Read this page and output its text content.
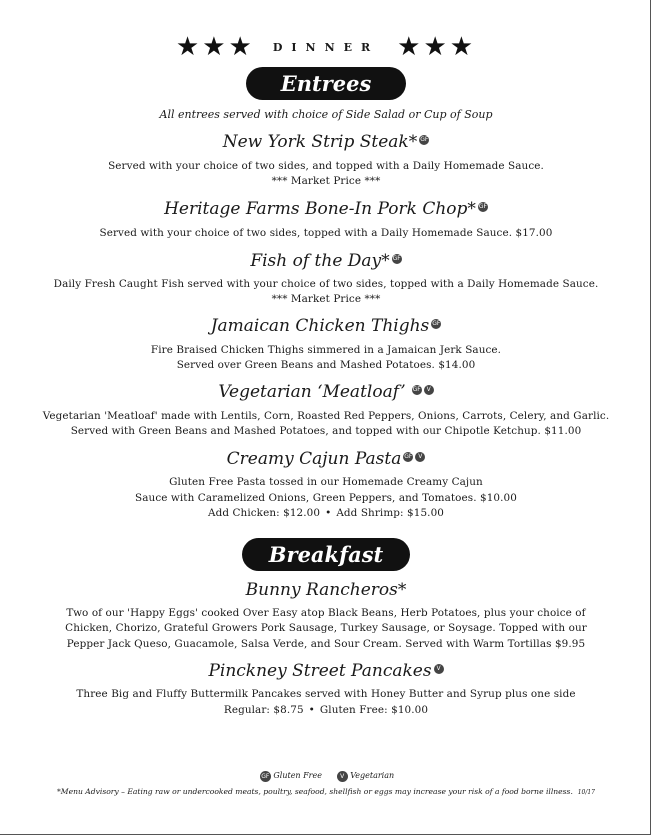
★★★ DINNER ★★★
Entrees
All entrees served with choice of Side Salad or Cup of Soup
New York Strip Steak* GF
Served with your choice of two sides, and topped with a Daily Homemade Sauce.
*** Market Price ***
Heritage Farms Bone-In Pork Chop* GF
Served with your choice of two sides, topped with a Daily Homemade Sauce. $17.00
Fish of the Day* GF
Daily Fresh Caught Fish served with your choice of two sides, topped with a Daily Homemade Sauce.
*** Market Price ***
Jamaican Chicken Thighs GF
Fire Braised Chicken Thighs simmered in a Jamaican Jerk Sauce.
Served over Green Beans and Mashed Potatoes. $14.00
Vegetarian ‘Meatloaf’ GF V
Vegetarian 'Meatloaf' made with Lentils, Corn, Roasted Red Peppers, Onions, Carrots, Celery, and Garlic.
Served with Green Beans and Mashed Potatoes, and topped with our Chipotle Ketchup. $11.00
Creamy Cajun Pasta GF V
Gluten Free Pasta tossed in our Homemade Creamy Cajun
Sauce with Caramelized Onions, Green Peppers, and Tomatoes. $10.00
Add Chicken: $12.00 • Add Shrimp: $15.00
Breakfast
Bunny Rancheros*
Two of our 'Happy Eggs' cooked Over Easy atop Black Beans, Herb Potatoes, plus your choice of
Chicken, Chorizo, Grateful Growers Pork Sausage, Turkey Sausage, or Soysage. Topped with our
Pepper Jack Queso, Guacamole, Salsa Verde, and Sour Cream. Served with Warm Tortillas $9.95
Pinckney Street Pancakes V
Three Big and Fluffy Buttermilk Pancakes served with Honey Butter and Syrup plus one side
Regular: $8.75 • Gluten Free: $10.00
GF Gluten Free	V Vegetarian
*Menu Advisory – Eating raw or undercooked meats, poultry, seafood, shellfish or eggs may increase your risk of a food borne illness. 10/17
